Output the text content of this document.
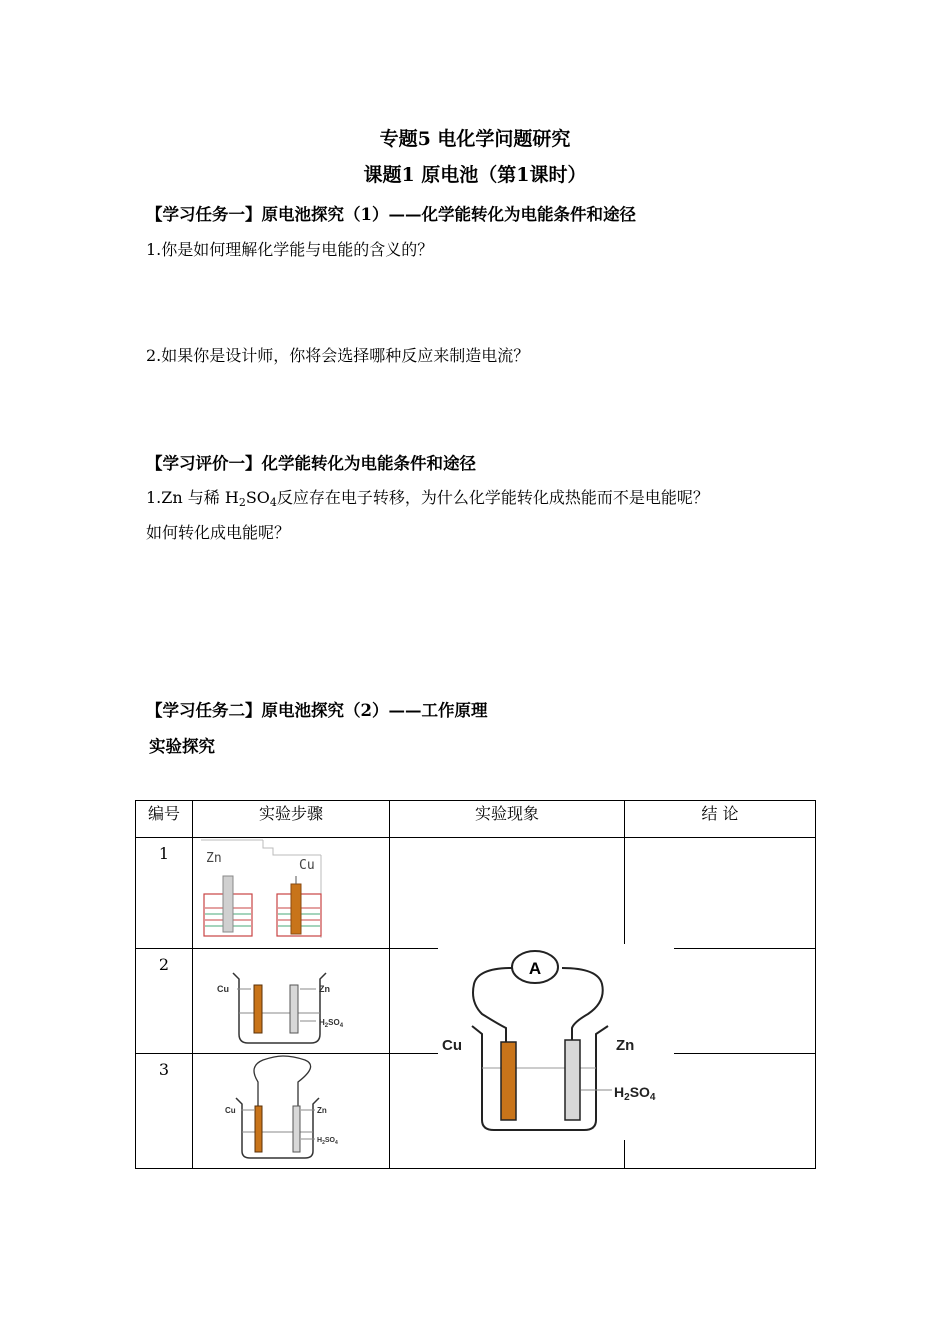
专题5 电化学问题研究
课题1 原电池（第1课时）
【学习任务一】原电池探究（1）——化学能转化为电能条件和途径
1.你是如何理解化学能与电能的含义的？
2.如果你是设计师，你将会选择哪种反应来制造电流？
【学习评价一】化学能转化为电能条件和途径
1.Zn 与稀 $H_2SO_4$反应存在电子转移，为什么化学能转化成热能而不是电能呢？
如何转化成电能呢？
【学习任务二】原电池探究（2）——工作原理
实验探究
编号	实验步骤	实验现象	结 论
1	Zn Cu		

2	Cu Zn
$H_2SO_4$

3	Cu Zn
$H_2SO_4$

A
Cu	Zn
$H_2SO_4$
